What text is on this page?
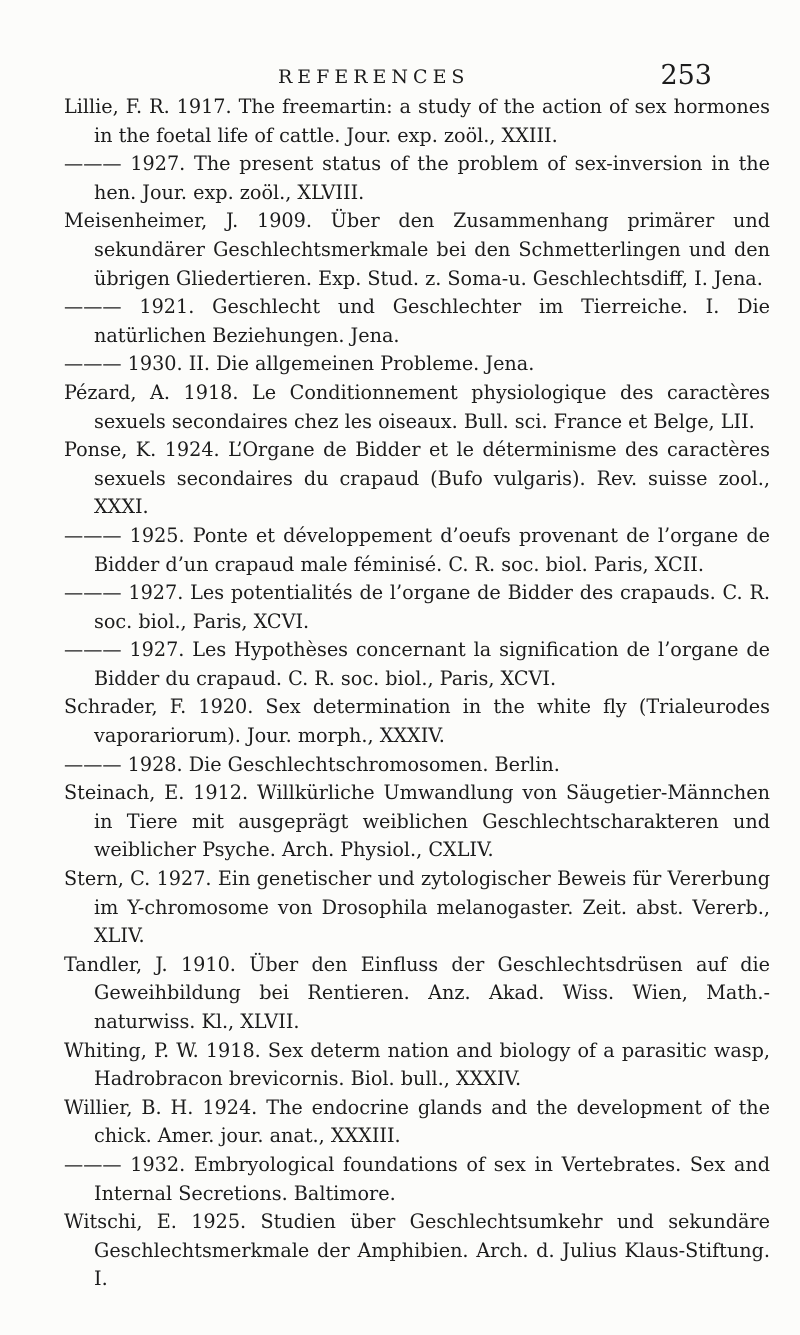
REFERENCES	253
Lillie, F. R. 1917. The freemartin: a study of the action of sex hormones in the foetal life of cattle. Jour. exp. zoöl., XXIII.
——— 1927. The present status of the problem of sex-inversion in the hen. Jour. exp. zoöl., XLVIII.
Meisenheimer, J. 1909. Über den Zusammenhang primärer und sekundärer Geschlechtsmerkmale bei den Schmetterlingen und den übrigen Gliedertieren. Exp. Stud. z. Soma-u. Geschlechtsdiff, I. Jena.
——— 1921. Geschlecht und Geschlechter im Tierreiche. I. Die natürlichen Beziehungen. Jena.
——— 1930. II. Die allgemeinen Probleme. Jena.
Pézard, A. 1918. Le Conditionnement physiologique des caractères sexuels secondaires chez les oiseaux. Bull. sci. France et Belge, LII.
Ponse, K. 1924. L’Organe de Bidder et le déterminisme des caractères sexuels secondaires du crapaud (Bufo vulgaris). Rev. suisse zool., XXXI.
——— 1925. Ponte et développement d’oeufs provenant de l’organe de Bidder d’un crapaud male féminisé. C. R. soc. biol. Paris, XCII.
——— 1927. Les potentialités de l’organe de Bidder des crapauds. C. R. soc. biol., Paris, XCVI.
——— 1927. Les Hypothèses concernant la signification de l’organe de Bidder du crapaud. C. R. soc. biol., Paris, XCVI.
Schrader, F. 1920. Sex determination in the white fly (Trialeurodes vaporariorum). Jour. morph., XXXIV.
——— 1928. Die Geschlechtschromosomen. Berlin.
Steinach, E. 1912. Willkürliche Umwandlung von Säugetier-Männchen in Tiere mit ausgeprägt weiblichen Geschlechtscharakteren und weiblicher Psyche. Arch. Physiol., CXLIV.
Stern, C. 1927. Ein genetischer und zytologischer Beweis für Vererbung im Y-chromosome von Drosophila melanogaster. Zeit. abst. Vererb., XLIV.
Tandler, J. 1910. Über den Einfluss der Geschlechtsdrüsen auf die Geweihbildung bei Rentieren. Anz. Akad. Wiss. Wien, Math.-naturwiss. Kl., XLVII.
Whiting, P. W. 1918. Sex determ nation and biology of a parasitic wasp, Hadrobracon brevicornis. Biol. bull., XXXIV.
Willier, B. H. 1924. The endocrine glands and the development of the chick. Amer. jour. anat., XXXIII.
——— 1932. Embryological foundations of sex in Vertebrates. Sex and Internal Secretions. Baltimore.
Witschi, E. 1925. Studien über Geschlechtsumkehr und sekundäre Geschlechtsmerkmale der Amphibien. Arch. d. Julius Klaus-Stiftung. I.
